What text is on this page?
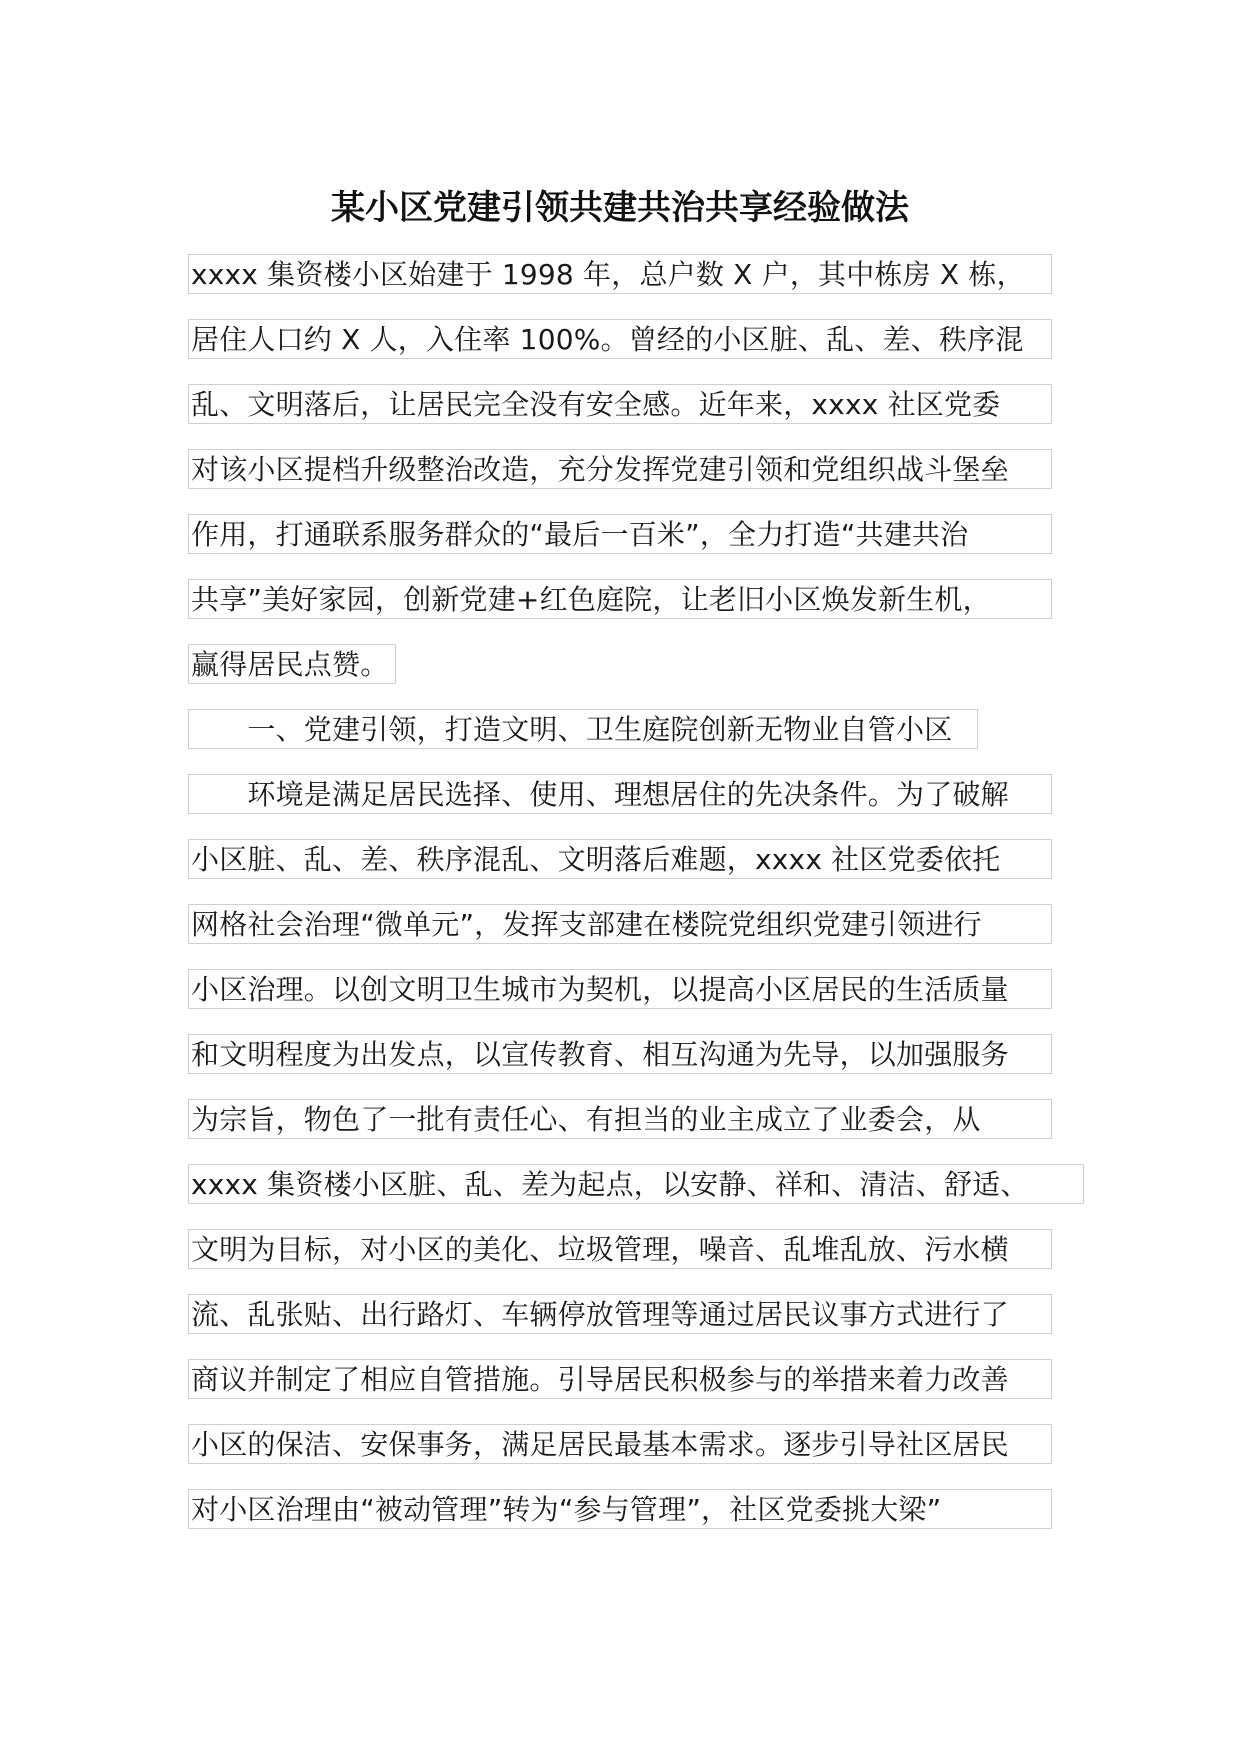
某小区党建引领共建共治共享经验做法
xxxx 集资楼小区始建于 1998 年，总户数 X 户，其中栋房 X 栋，
居住人口约 X 人，入住率 100%。曾经的小区脏、乱、差、秩序混
乱、文明落后，让居民完全没有安全感。近年来，xxxx 社区党委
对该小区提档升级整治改造，充分发挥党建引领和党组织战斗堡垒
作用，打通联系服务群众的“最后一百米”，全力打造“共建共治
共享”美好家园，创新党建+红色庭院，让老旧小区焕发新生机，
赢得居民点赞。
　　一、党建引领，打造文明、卫生庭院创新无物业自管小区
　　环境是满足居民选择、使用、理想居住的先决条件。为了破解
小区脏、乱、差、秩序混乱、文明落后难题，xxxx 社区党委依托
网格社会治理“微单元”，发挥支部建在楼院党组织党建引领进行
小区治理。以创文明卫生城市为契机，以提高小区居民的生活质量
和文明程度为出发点，以宣传教育、相互沟通为先导，以加强服务
为宗旨，物色了一批有责任心、有担当的业主成立了业委会，从
xxxx 集资楼小区脏、乱、差为起点，以安静、祥和、清洁、舒适、
文明为目标，对小区的美化、垃圾管理，噪音、乱堆乱放、污水横
流、乱张贴、出行路灯、车辆停放管理等通过居民议事方式进行了
商议并制定了相应自管措施。引导居民积极参与的举措来着力改善
小区的保洁、安保事务，满足居民最基本需求。逐步引导社区居民
对小区治理由“被动管理”转为“参与管理”，社区党委挑大梁”
